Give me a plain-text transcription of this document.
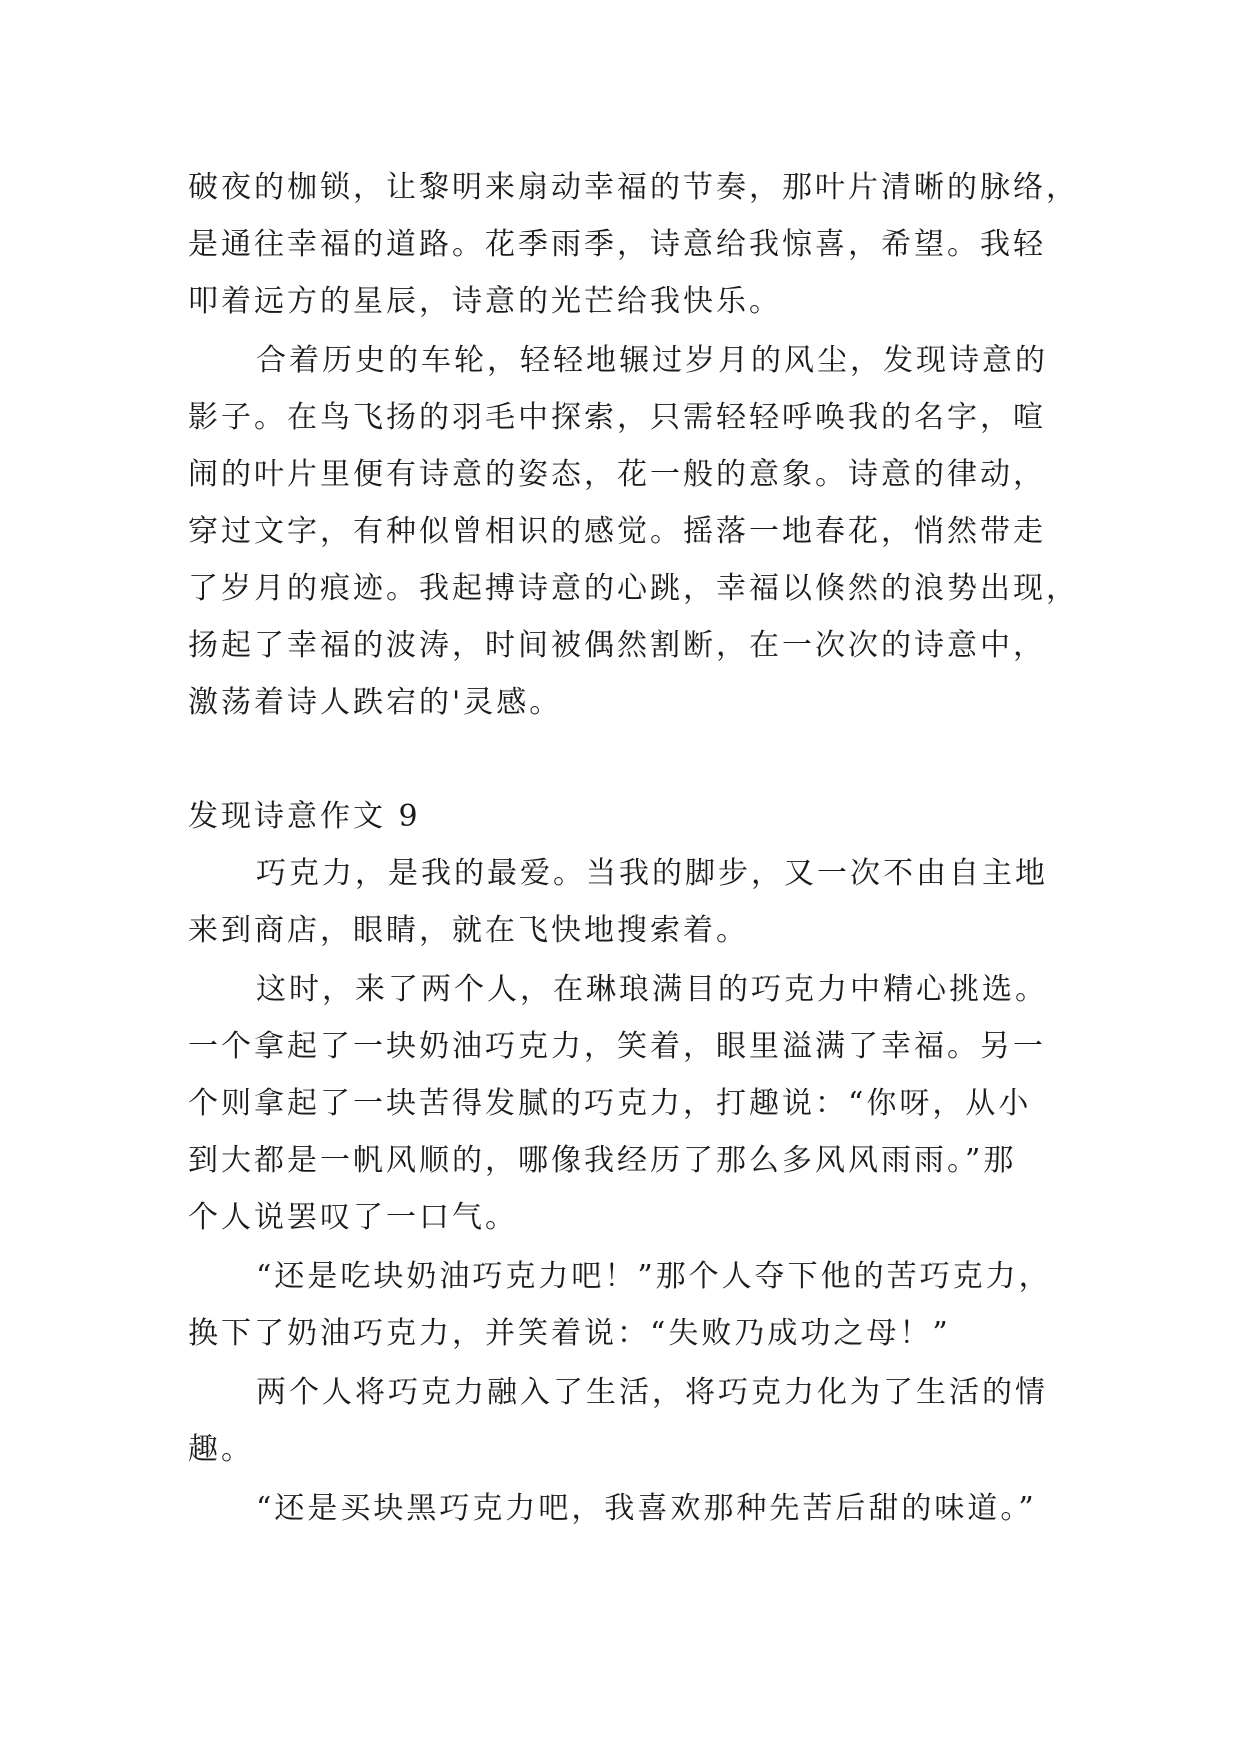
破夜的枷锁，让黎明来扇动幸福的节奏，那叶片清晰的脉络，
是通往幸福的道路。花季雨季，诗意给我惊喜，希望。我轻
叩着远方的星辰，诗意的光芒给我快乐。
合着历史的车轮，轻轻地辗过岁月的风尘，发现诗意的
影子。在鸟飞扬的羽毛中探索，只需轻轻呼唤我的名字，喧
闹的叶片里便有诗意的姿态，花一般的意象。诗意的律动，
穿过文字，有种似曾相识的感觉。摇落一地春花，悄然带走
了岁月的痕迹。我起搏诗意的心跳，幸福以倏然的浪势出现，
扬起了幸福的波涛，时间被偶然割断，在一次次的诗意中，
激荡着诗人跌宕的'灵感。
发现诗意作文 9
巧克力，是我的最爱。当我的脚步，又一次不由自主地
来到商店，眼睛，就在飞快地搜索着。
这时，来了两个人，在琳琅满目的巧克力中精心挑选。
一个拿起了一块奶油巧克力，笑着，眼里溢满了幸福。另一
个则拿起了一块苦得发腻的巧克力，打趣说：“你呀，从小
到大都是一帆风顺的，哪像我经历了那么多风风雨雨。”那
个人说罢叹了一口气。
“还是吃块奶油巧克力吧！”那个人夺下他的苦巧克力，
换下了奶油巧克力，并笑着说：“失败乃成功之母！”
两个人将巧克力融入了生活，将巧克力化为了生活的情
趣。
“还是买块黑巧克力吧，我喜欢那种先苦后甜的味道。”
